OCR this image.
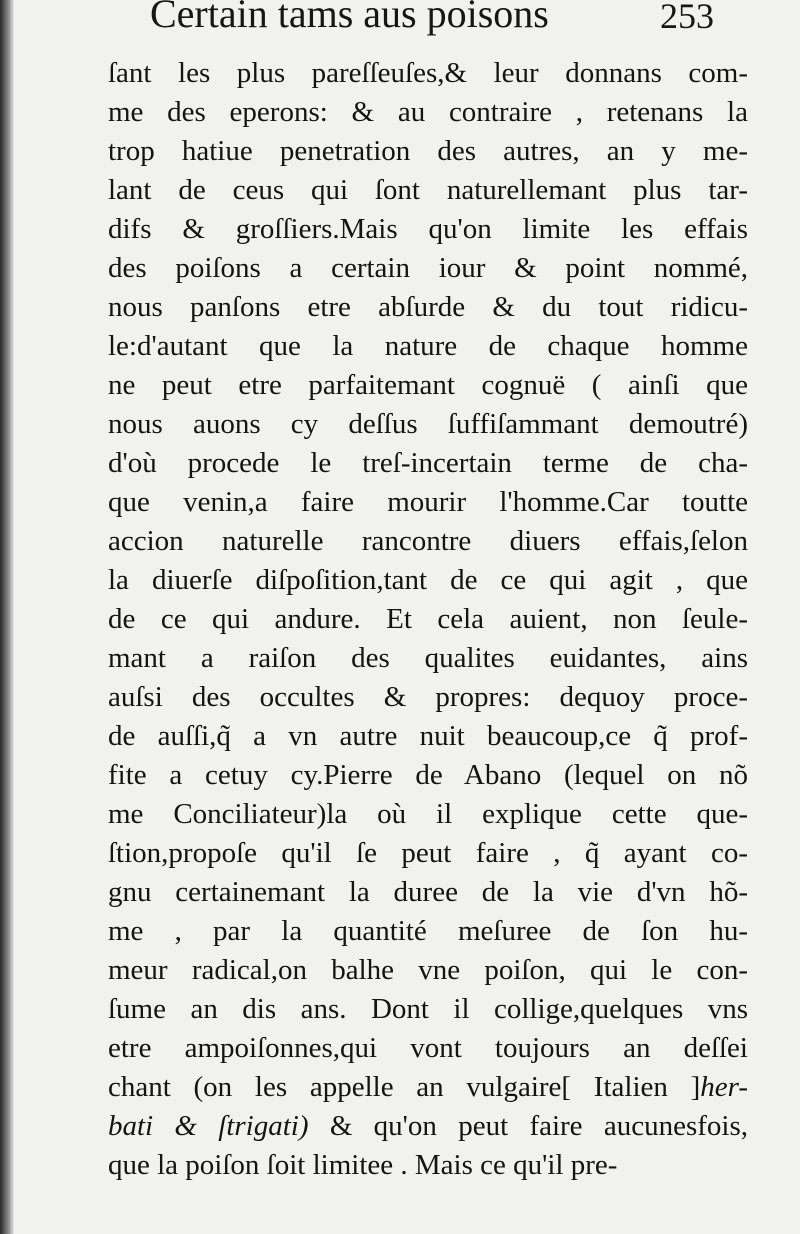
Certain tams aus poisons	253
ſant les plus pareſſeuſes,& leur donnans com-
me des eperons: & au contraire , retenans la
trop hatiue penetration des autres, an y me-
lant de ceus qui ſont naturellemant plus tar-
difs & groſſiers.Mais qu'on limite les effais
des poiſons a certain iour & point nommé,
nous panſons etre abſurde & du tout ridicu-
le:d'autant que la nature de chaque homme
ne peut etre parfaitemant cognuë ( ainſi que
nous auons cy deſſus ſuffiſammant demoutré)
d'où procede le treſ-incertain terme de cha-
que venin,a faire mourir l'homme.Car toutte
accion naturelle rancontre diuers effais,ſelon
la diuerſe diſpoſition,tant de ce qui agit , que
de ce qui andure. Et cela auient, non ſeule-
mant a raiſon des qualites euidantes, ains
auſsi des occultes & propres: dequoy proce-
de auſſi,q̃ a vn autre nuit beaucoup,ce q̃ prof-
fite a cetuy cy.Pierre de Abano (lequel on nõ
me Conciliateur)la où il explique cette que-
ſtion,propoſe qu'il ſe peut faire , q̃ ayant co-
gnu certainemant la duree de la vie d'vn hõ-
me , par la quantité meſuree de ſon hu-
meur radical,on balhe vne poiſon, qui le con-
ſume an dis ans. Dont il collige,quelques vns
etre ampoiſonnes,qui vont toujours an deſſei
chant (on les appelle an vulgaire[ Italien ]her-
bati & ſtrigati) & qu'on peut faire aucunesfois,
que la poiſon ſoit limitee . Mais ce qu'il pre-
